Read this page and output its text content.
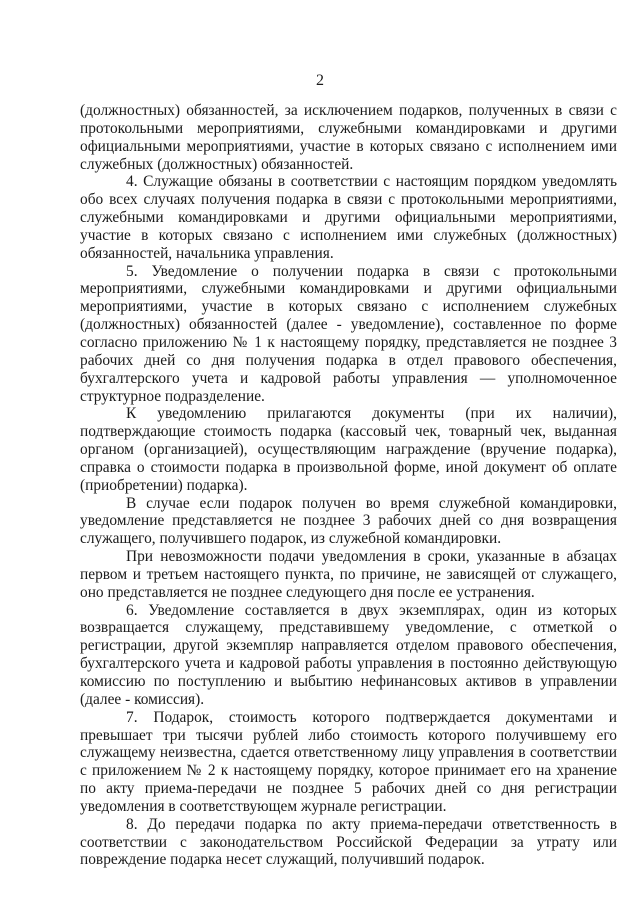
2

(должностных) обязанностей, за исключением подарков, полученных в связи с протокольными мероприятиями, служебными командировками и другими официальными мероприятиями, участие в которых связано с исполнением ими служебных (должностных) обязанностей.

4. Служащие обязаны в соответствии с настоящим порядком уведомлять обо всех случаях получения подарка в связи с протокольными мероприятиями, служебными командировками и другими официальными мероприятиями, участие в которых связано с исполнением ими служебных (должностных) обязанностей, начальника управления.

5. Уведомление о получении подарка в связи с протокольными мероприятиями, служебными командировками и другими официальными мероприятиями, участие в которых связано с исполнением служебных (должностных) обязанностей (далее - уведомление), составленное по форме согласно приложению № 1 к настоящему порядку, представляется не позднее 3 рабочих дней со дня получения подарка в отдел правового обеспечения, бухгалтерского учета и кадровой работы управления — уполномоченное структурное подразделение.

К уведомлению прилагаются документы (при их наличии), подтверждающие стоимость подарка (кассовый чек, товарный чек, выданная органом (организацией), осуществляющим награждение (вручение подарка), справка о стоимости подарка в произвольной форме, иной документ об оплате (приобретении) подарка).

В случае если подарок получен во время служебной командировки, уведомление представляется не позднее 3 рабочих дней со дня возвращения служащего, получившего подарок, из служебной командировки.

При невозможности подачи уведомления в сроки, указанные в абзацах первом и третьем настоящего пункта, по причине, не зависящей от служащего, оно представляется не позднее следующего дня после ее устранения.

6. Уведомление составляется в двух экземплярах, один из которых возвращается служащему, представившему уведомление, с отметкой о регистрации, другой экземпляр направляется отделом правового обеспечения, бухгалтерского учета и кадровой работы управления в постоянно действующую комиссию по поступлению и выбытию нефинансовых активов в управлении (далее - комиссия).

7. Подарок, стоимость которого подтверждается документами и превышает три тысячи рублей либо стоимость которого получившему его служащему неизвестна, сдается ответственному лицу управления в соответствии с приложением № 2 к настоящему порядку, которое принимает его на хранение по акту приема-передачи не позднее 5 рабочих дней со дня регистрации уведомления в соответствующем журнале регистрации.

8. До передачи подарка по акту приема-передачи ответственность в соответствии с законодательством Российской Федерации за утрату или повреждение подарка несет служащий, получивший подарок.
